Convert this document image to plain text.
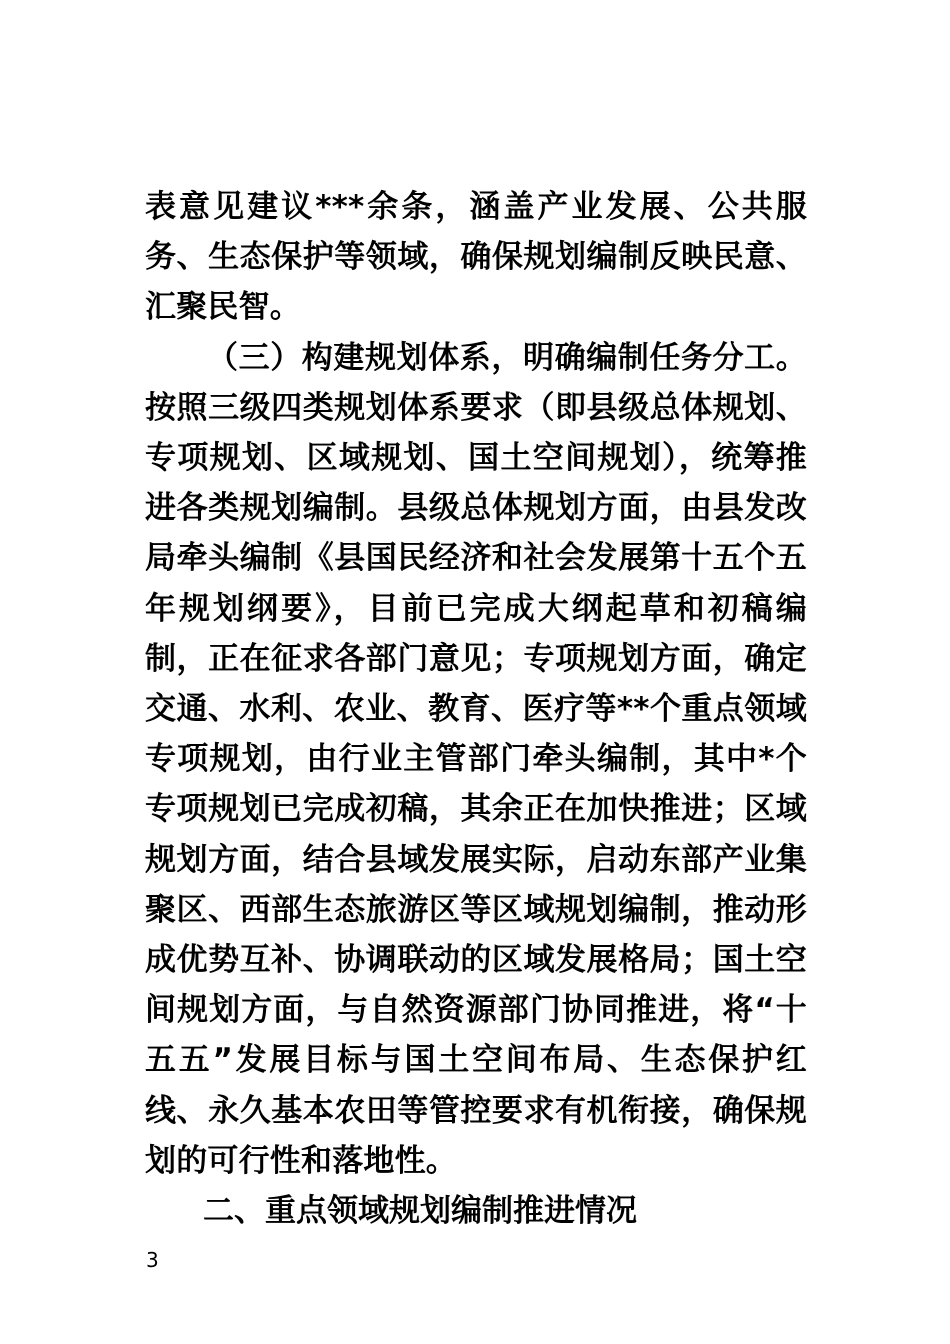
表意见建议***余条，涵盖产业发展、公共服务、生态保护等领域，确保规划编制反映民意、汇聚民智。

（三）构建规划体系，明确编制任务分工。按照三级四类规划体系要求（即县级总体规划、专项规划、区域规划、国土空间规划），统筹推进各类规划编制。县级总体规划方面，由县发改局牵头编制《县国民经济和社会发展第十五个五年规划纲要》，目前已完成大纲起草和初稿编制，正在征求各部门意见；专项规划方面，确定交通、水利、农业、教育、医疗等**个重点领域专项规划，由行业主管部门牵头编制，其中*个专项规划已完成初稿，其余正在加快推进；区域规划方面，结合县域发展实际，启动东部产业集聚区、西部生态旅游区等区域规划编制，推动形成优势互补、协调联动的区域发展格局；国土空间规划方面，与自然资源部门协同推进，将“十五五”发展目标与国土空间布局、生态保护红线、永久基本农田等管控要求有机衔接，确保规划的可行性和落地性。

二、重点领域规划编制推进情况

3
